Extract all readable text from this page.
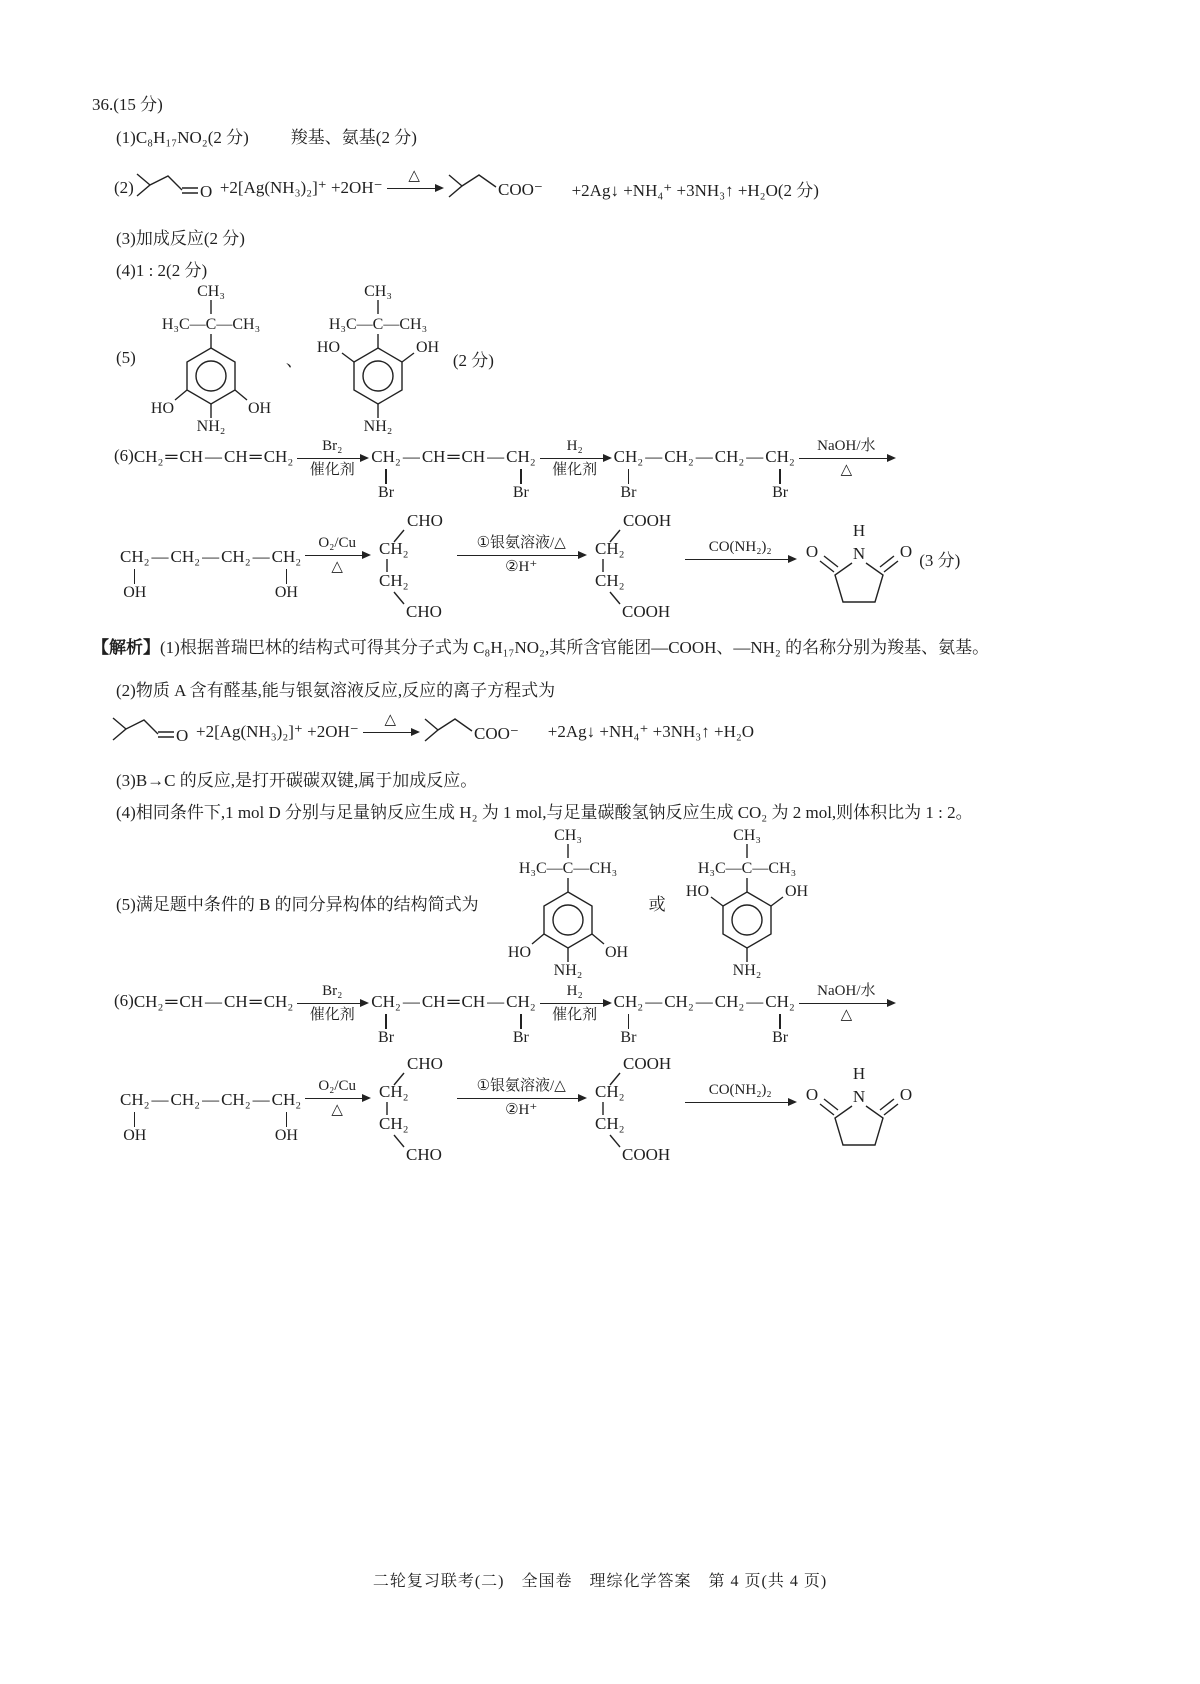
36.(15 分)
(1)C₈H₁₇NO₂(2 分) 羧基、氨基(2 分)
(2)	O +2[Ag(NH₃)₂]⁺ +2OH⁻
△
COO⁻ +2Ag↓ +NH₄⁺ +3NH₃↑ +H₂O(2 分)
(3)加成反应(2 分)
(4)1 : 2(2 分)
(5)
CH₃
H₃C—C—CH₃
HO	OH
NH₂
、
CH₃
H₃C—C—CH₃
HO	OH
NH₂
(2 分)
(6) CH₂ ═ CH — CH ═ CH₂
Br₂
催化剂
CH₂
Br
— CH ═ CH — CH₂
Br
H₂
催化剂
CH₂
Br
— CH₂ — CH₂ — CH₂
Br
NaOH/水
△
CH₂
OH
— CH₂ — CH₂ — CH₂
OH
O₂/Cu
△
CHO
CH₂
CH₂
CHO
①银氨溶液/△
②H⁺
COOH
CH₂
CH₂
COOH
CO(NH₂)₂
H
N
O	O (3 分)
【解析】 (1)根据普瑞巴林的结构式可得其分子式为 C₈H₁₇NO₂,其所含官能团—COOH、—NH₂ 的名称分别为羧基、氨基。
(2)物质 A 含有醛基,能与银氨溶液反应,反应的离子方程式为
O +2[Ag(NH₃)₂]⁺ +2OH⁻
△
COO⁻ +2Ag↓ +NH₄⁺ +3NH₃↑ +H₂O
(3)B→C 的反应,是打开碳碳双键,属于加成反应。
(4)相同条件下,1 mol D 分别与足量钠反应生成 H₂ 为 1 mol,与足量碳酸氢钠反应生成 CO₂ 为 2 mol,则体积比为 1 : 2。
(5)满足题中条件的 B 的同分异构体的结构简式为
CH₃
H₃C—C—CH₃
HO	OH
NH₂
或
CH₃
H₃C—C—CH₃
HO	OH
NH₂
(6) CH₂ ═ CH — CH ═ CH₂
Br₂
催化剂
CH₂
Br
— CH ═ CH — CH₂
Br
H₂
催化剂
CH₂
Br
— CH₂ — CH₂ — CH₂
Br
NaOH/水
△
CH₂
OH
— CH₂ — CH₂ — CH₂
OH
O₂/Cu
△
CHO
CH₂
CH₂
CHO
①银氨溶液/△
②H⁺
COOH
CH₂
CH₂
COOH
CO(NH₂)₂
H
N
O	O
二轮复习联考(二)　全国卷　理综化学答案　第 4 页(共 4 页)
